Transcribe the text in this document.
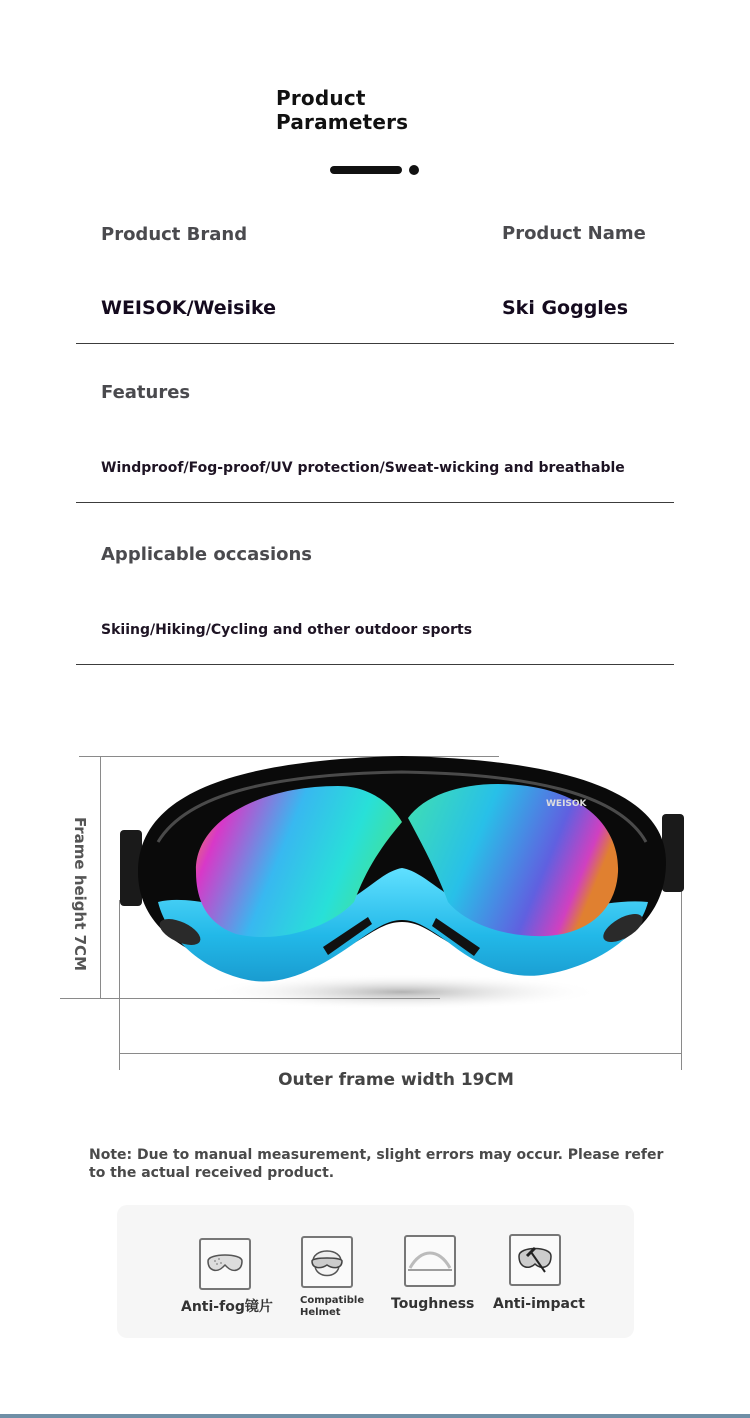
Product
Parameters
Product Brand	Product Name
WEISOK/Weisike	Ski Goggles
Features
Windproof/Fog-proof/UV protection/Sweat-wicking and breathable
Applicable occasions
Skiing/Hiking/Cycling and other outdoor sports
Frame height 7CM
WEISOK
Outer frame width 19CM
Note: Due to manual measurement, slight errors may occur. Please refer to the actual received product.
Anti-fog镜片	Compatible
Helmet
Toughness Anti-impact
